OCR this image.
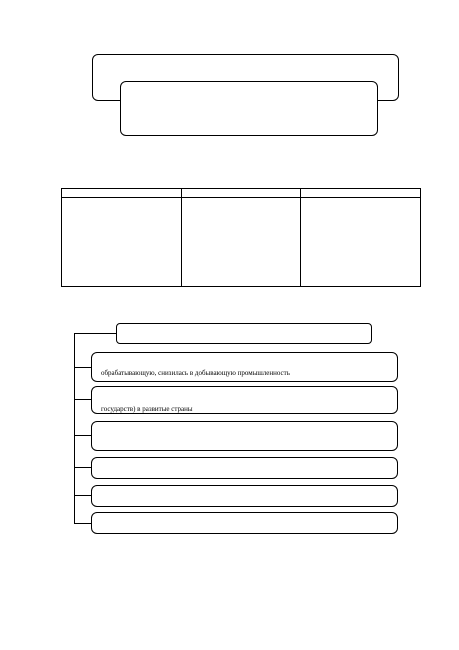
обрабатывающую, снизилась в добывающую промышленность
государств) в развитые страны
